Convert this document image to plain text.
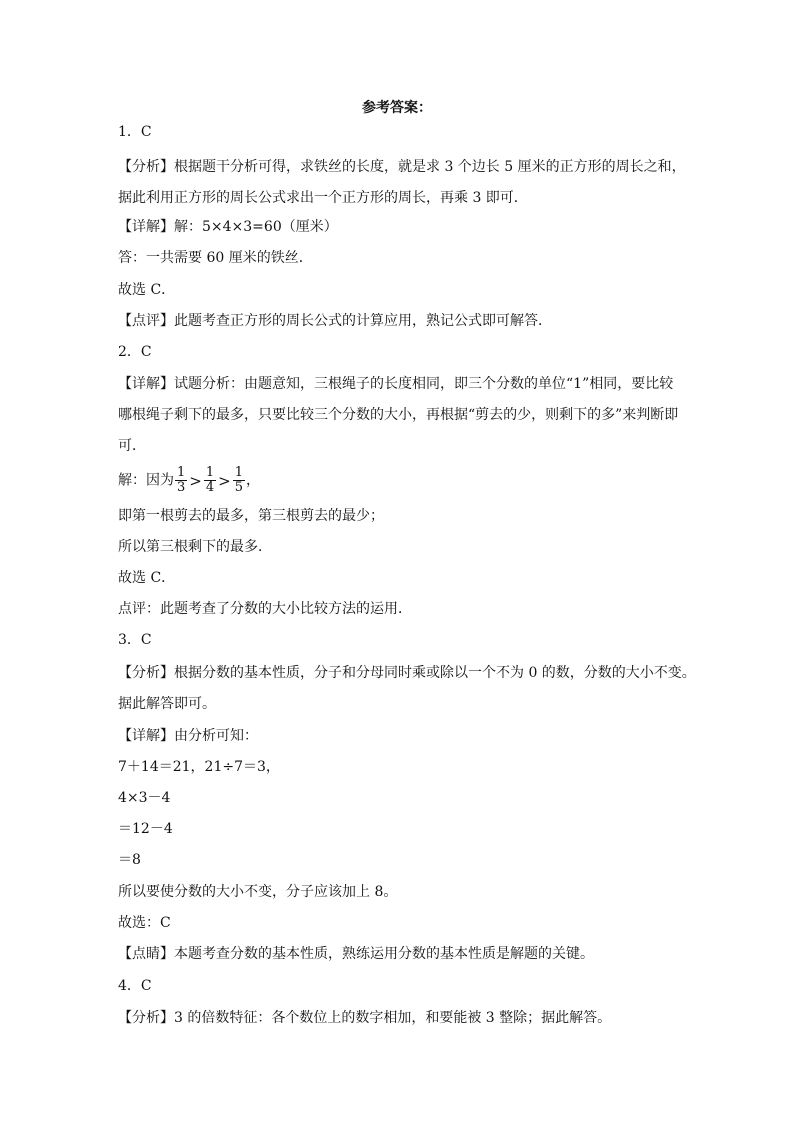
参考答案：
1．C
【分析】根据题干分析可得，求铁丝的长度，就是求 3 个边长 5 厘米的正方形的周长之和，
据此利用正方形的周长公式求出一个正方形的周长，再乘 3 即可．
【详解】解：5×4×3=60（厘米）
答：一共需要 60 厘米的铁丝．
故选 C．
【点评】此题考查正方形的周长公式的计算应用，熟记公式即可解答．
2．C
【详解】试题分析：由题意知，三根绳子的长度相同，即三个分数的单位“1”相同，要比较
哪根绳子剩下的最多，只要比较三个分数的大小，再根据“剪去的少，则剩下的多”来判断即
可．
解：因为 $\frac{1}{3} > \frac{1}{4} > \frac{1}{5}$ ，
即第一根剪去的最多，第三根剪去的最少；
所以第三根剩下的最多．
故选 C．
点评：此题考查了分数的大小比较方法的运用．
3．C
【分析】根据分数的基本性质，分子和分母同时乘或除以一个不为 0 的数，分数的大小不变。
据此解答即可。
【详解】由分析可知：
7＋14＝21，21÷7＝3，
4×3－4
＝12－4
＝8
所以要使分数的大小不变，分子应该加上 8。
故选：C
【点睛】本题考查分数的基本性质，熟练运用分数的基本性质是解题的关键。
4．C
【分析】3 的倍数特征：各个数位上的数字相加，和要能被 3 整除；据此解答。
